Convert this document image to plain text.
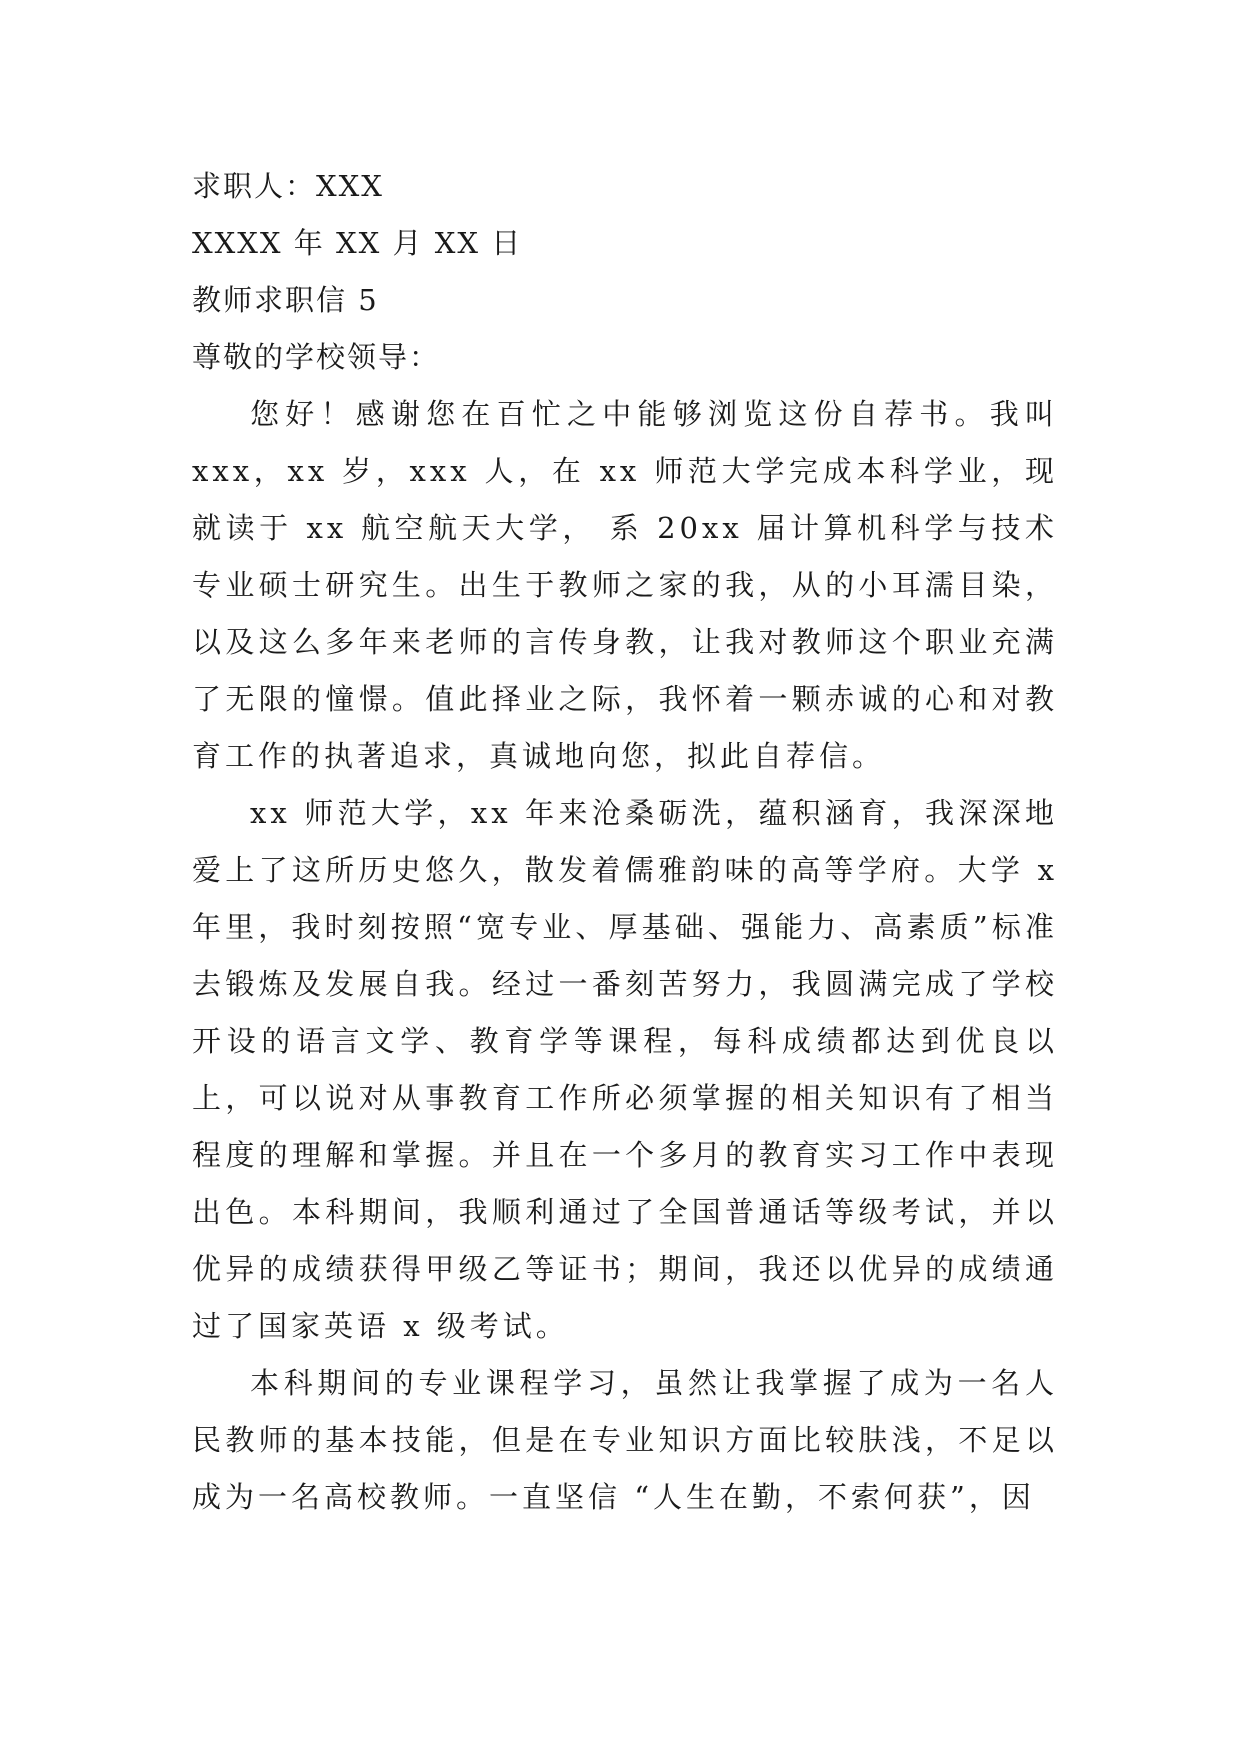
求职人：XXX
XXXX 年 XX 月 XX 日
教师求职信 5
尊敬的学校领导：
您好！感谢您在百忙之中能够浏览这份自荐书。我叫 xxx，xx 岁，xxx 人，在 xx 师范大学完成本科学业，现就读于 xx 航空航天大学， 系 20xx 届计算机科学与技术专业硕士研究生。出生于教师之家的我，从的小耳濡目染，以及这么多年来老师的言传身教，让我对教师这个职业充满了无限的憧憬。值此择业之际，我怀着一颗赤诚的心和对教育工作的执著追求，真诚地向您，拟此自荐信。
xx 师范大学，xx 年来沧桑砺洗，蕴积涵育，我深深地爱上了这所历史悠久，散发着儒雅韵味的高等学府。大学 x 年里，我时刻按照“宽专业、厚基础、强能力、高素质”标准去锻炼及发展自我。经过一番刻苦努力，我圆满完成了学校开设的语言文学、教育学等课程，每科成绩都达到优良以上，可以说对从事教育工作所必须掌握的相关知识有了相当程度的理解和掌握。并且在一个多月的教育实习工作中表现出色。本科期间，我顺利通过了全国普通话等级考试，并以优异的成绩获得甲级乙等证书；期间，我还以优异的成绩通过了国家英语 x 级考试。
本科期间的专业课程学习，虽然让我掌握了成为一名人民教师的基本技能，但是在专业知识方面比较肤浅，不足以成为一名高校教师。一直坚信 “人生在勤，不索何获”，因
